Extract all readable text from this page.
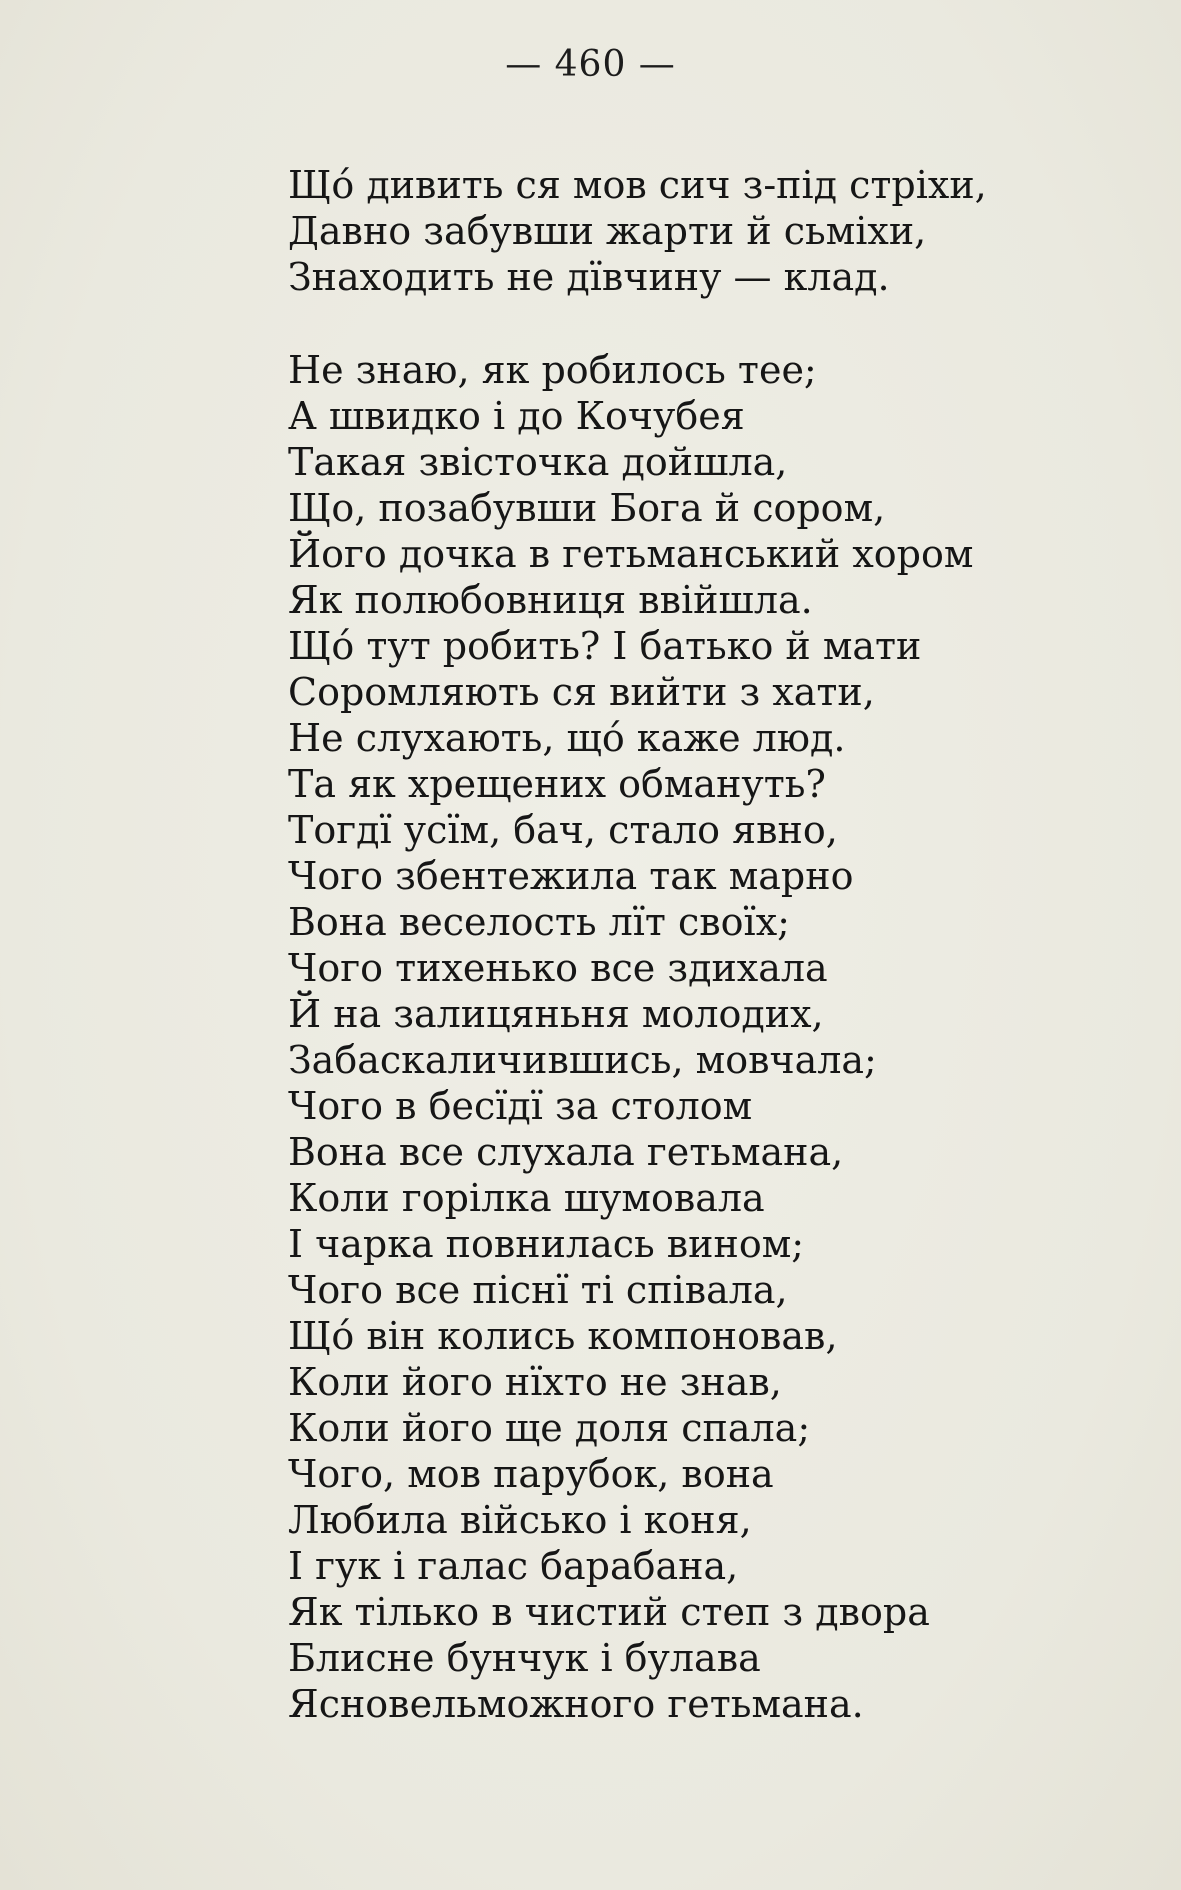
— 460 —
Щó дивить ся мов сич з-під стріхи,
Давно забувши жарти й сьміхи,
Знаходить не дївчину — клад.
Не знаю, як робилось тее;
А швидко і до Кочубея
Такая звісточка дойшла,
Що, позабувши Бога й сором,
Його дочка в гетьманський хором
Як полюбовниця ввійшла.
Щó тут робить? І батько й мати
Соромляють ся вийти з хати,
Не слухають, щó каже люд.
Та як хрещених обмануть?
Тогдї усїм, бач, стало явно,
Чого збентежила так марно
Вона веселость лїт своїх;
Чого тихенько все здихала
Й на залицяньня молодих,
Забаскаличившись, мовчала;
Чого в бесїдї за столом
Вона все слухала гетьмана,
Коли горілка шумовала
І чарка повнилась вином;
Чого все піснї ті співала,
Щó він колись компоновав,
Коли його нїхто не знав,
Коли його ще доля спала;
Чого, мов парубок, вона
Любила військо і коня,
І гук і галас барабана,
Як тілько в чистий степ з двора
Блисне бунчук і булава
Ясновельможного гетьмана.
